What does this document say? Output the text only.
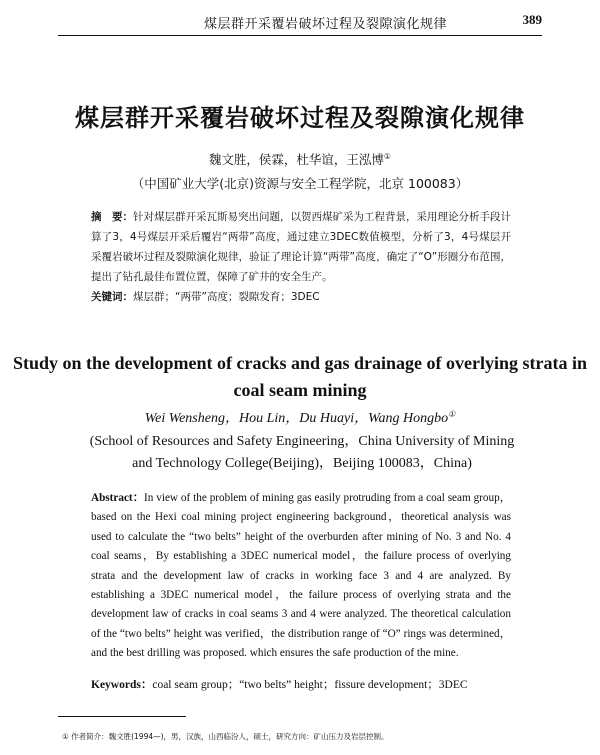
煤层群开采覆岩破坏过程及裂隙演化规律	389
煤层群开采覆岩破坏过程及裂隙演化规律
魏文胜，侯霖，杜华谊，王泓博①
（中国矿业大学(北京)资源与安全工程学院，北京 100083）
摘　要：针对煤层群开采瓦斯易突出问题，以贺西煤矿采为工程背景，采用理论分析手段计算了3，4号煤层开采后覆岩“两带”高度，通过建立3DEC数值模型，分析了3，4号煤层开采覆岩破坏过程及裂隙演化规律，验证了理论计算“两带”高度，确定了“O”形圈分布范围，提出了钻孔最佳布置位置，保障了矿井的安全生产。
关键词：煤层群；“两带”高度；裂隙发育；3DEC
Study on the development of cracks and gas drainage of overlying strata in coal seam mining
Wei Wensheng，Hou Lin，Du Huayi，Wang Hongbo①
(School of Resources and Safety Engineering，China University of Mining and Technology College(Beijing)，Beijing 100083，China)
Abstract：In view of the problem of mining gas easily protruding from a coal seam group，based on the Hexi coal mining project engineering background，theoretical analysis was used to calculate the “two belts” height of the overburden after mining of No. 3 and No. 4 coal seams，By establishing a 3DEC numerical model，the failure process of overlying strata and the development law of cracks in working face 3 and 4 are analyzed. By establishing a 3DEC numerical model，the failure process of overlying strata and the development law of cracks in coal seams 3 and 4 were analyzed. The theoretical calculation of the “two belts” height was verified，the distribution range of “O” rings was determined，and the best drilling was proposed. which ensures the safe production of the mine.
Keywords：coal seam group；“two belts” height；fissure development；3DEC
① 作者简介：魏文胜(1994—)，男，汉族，山西临汾人，硕士，研究方向：矿山压力及岩层控制。
